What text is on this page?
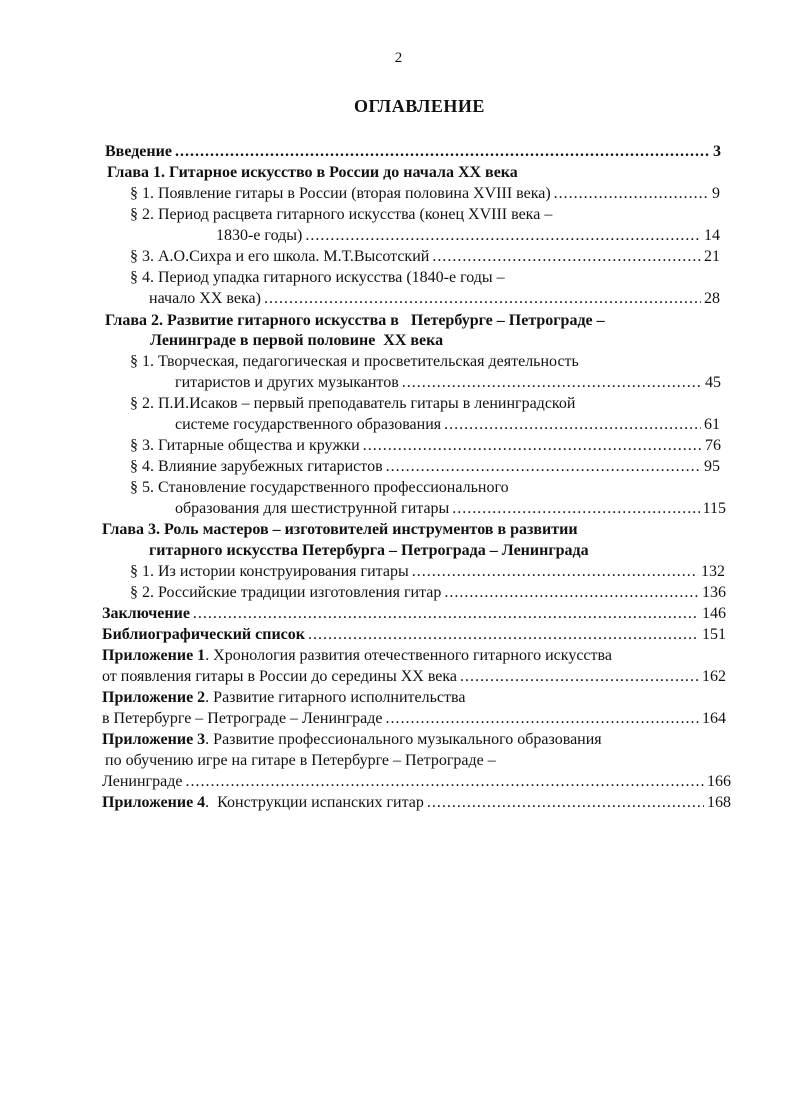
2
ОГЛАВЛЕНИЕ
Введение .....	3
Глава 1. Гитарное искусство в России до начала XX века
§ 1. Появление гитары в России (вторая половина XVIII века) .....	9
§ 2. Период расцвета гитарного искусства (конец XVIII века –
1830-е годы) .....	14
§ 3. А.О.Сихра и его школа. М.Т.Высотский .....	21
§ 4. Период упадка гитарного искусства (1840-е годы –
начало XX века) .....	28
Глава 2. Развитие гитарного искусства в   Петербурге – Петрограде –
Ленинграде в первой половине  XX века
§ 1. Творческая, педагогическая и просветительская деятельность
гитаристов и других музыкантов .....	45
§ 2. П.И.Исаков – первый преподаватель гитары в ленинградской
системе государственного образования .....	61
§ 3. Гитарные общества и кружки .....	76
§ 4. Влияние зарубежных гитаристов .....	95
§ 5. Становление государственного профессионального
образования для шестиструнной гитары .....	115
Глава 3. Роль мастеров – изготовителей инструментов в развитии
гитарного искусства Петербурга – Петрограда – Ленинграда
§ 1. Из истории конструирования гитары .....	132
§ 2. Российские традиции изготовления гитар .....	136
Заключение .....	146
Библиографический список .....	151
Приложение 1. Хронология развития отечественного гитарного искусства
от появления гитары в России до середины XX века .....	162
Приложение 2. Развитие гитарного исполнительства
в Петербурге – Петрограде – Ленинграде .....	164
Приложение 3. Развитие профессионального музыкального образования
по обучению игре на гитаре в Петербурге – Петрограде –
Ленинграде .....	166
Приложение 4.  Конструкции испанских гитар .....	168
